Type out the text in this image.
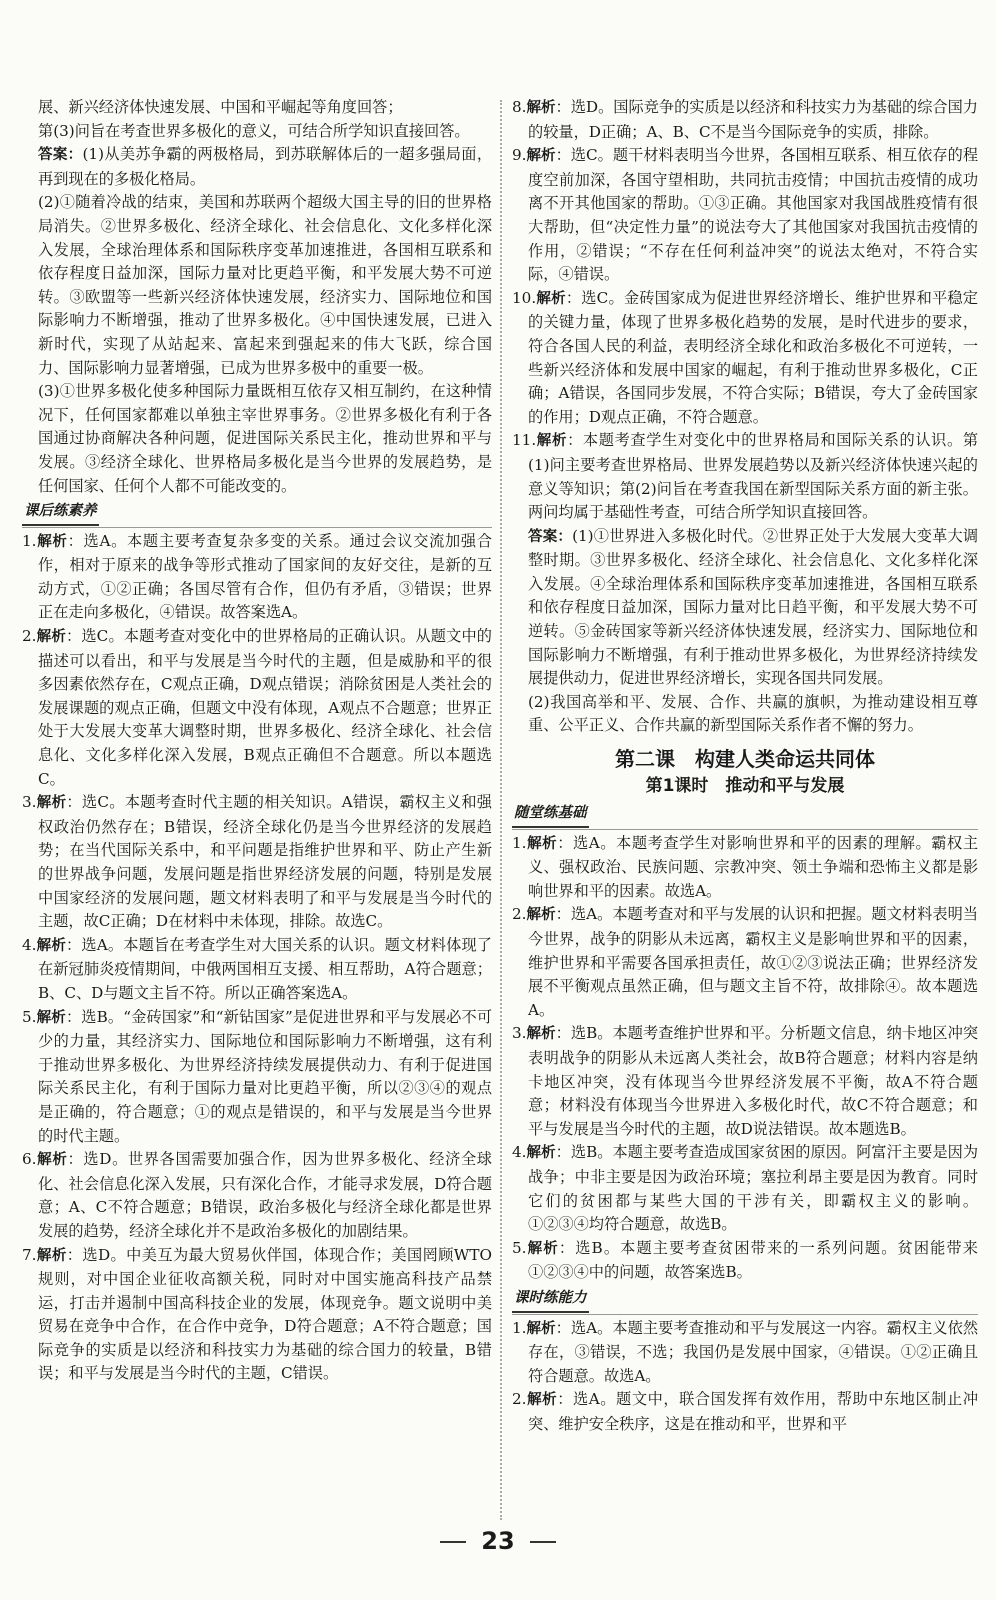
展、新兴经济体快速发展、中国和平崛起等角度回答；

第(3)问旨在考查世界多极化的意义，可结合所学知识直接回答。

答案：(1)从美苏争霸的两极格局，到苏联解体后的一超多强局面，再到现在的多极化格局。

(2)①随着冷战的结束，美国和苏联两个超级大国主导的旧的世界格局消失。②世界多极化、经济全球化、社会信息化、文化多样化深入发展，全球治理体系和国际秩序变革加速推进，各国相互联系和依存程度日益加深，国际力量对比更趋平衡，和平发展大势不可逆转。③欧盟等一些新兴经济体快速发展，经济实力、国际地位和国际影响力不断增强，推动了世界多极化。④中国快速发展，已进入新时代，实现了从站起来、富起来到强起来的伟大飞跃，综合国力、国际影响力显著增强，已成为世界多极中的重要一极。

(3)①世界多极化使多种国际力量既相互依存又相互制约，在这种情况下，任何国家都难以单独主宰世界事务。②世界多极化有利于各国通过协商解决各种问题，促进国际关系民主化，推动世界和平与发展。③经济全球化、世界格局多极化是当今世界的发展趋势，是任何国家、任何个人都不可能改变的。

课后练素养

1.解析：选A。本题主要考查复杂多变的关系。通过会议交流加强合作，相对于原来的战争等形式推动了国家间的友好交往，是新的互动方式，①②正确；各国尽管有合作，但仍有矛盾，③错误；世界正在走向多极化，④错误。故答案选A。

2.解析：选C。本题考查对变化中的世界格局的正确认识。从题文中的描述可以看出，和平与发展是当今时代的主题，但是威胁和平的很多因素依然存在，C观点正确，D观点错误；消除贫困是人类社会的发展课题的观点正确，但题文中没有体现，A观点不合题意；世界正处于大发展大变革大调整时期，世界多极化、经济全球化、社会信息化、文化多样化深入发展，B观点正确但不合题意。所以本题选C。

3.解析：选C。本题考查时代主题的相关知识。A错误，霸权主义和强权政治仍然存在；B错误，经济全球化仍是当今世界经济的发展趋势；在当代国际关系中，和平问题是指维护世界和平、防止产生新的世界战争问题，发展问题是指世界经济发展的问题，特别是发展中国家经济的发展问题，题文材料表明了和平与发展是当今时代的主题，故C正确；D在材料中未体现，排除。故选C。

4.解析：选A。本题旨在考查学生对大国关系的认识。题文材料体现了在新冠肺炎疫情期间，中俄两国相互支援、相互帮助，A符合题意；B、C、D与题文主旨不符。所以正确答案选A。

5.解析：选B。“金砖国家”和“新钻国家”是促进世界和平与发展必不可少的力量，其经济实力、国际地位和国际影响力不断增强，这有利于推动世界多极化、为世界经济持续发展提供动力、有利于促进国际关系民主化，有利于国际力量对比更趋平衡，所以②③④的观点是正确的，符合题意；①的观点是错误的，和平与发展是当今世界的时代主题。

6.解析：选D。世界各国需要加强合作，因为世界多极化、经济全球化、社会信息化深入发展，只有深化合作，才能寻求发展，D符合题意；A、C不符合题意；B错误，政治多极化与经济全球化都是世界发展的趋势，经济全球化并不是政治多极化的加剧结果。

7.解析：选D。中美互为最大贸易伙伴国，体现合作；美国罔顾WTO规则，对中国企业征收高额关税，同时对中国实施高科技产品禁运，打击并遏制中国高科技企业的发展，体现竞争。题文说明中美贸易在竞争中合作，在合作中竞争，D符合题意；A不符合题意；国际竞争的实质是以经济和科技实力为基础的综合国力的较量，B错误；和平与发展是当今时代的主题，C错误。

8.解析：选D。国际竞争的实质是以经济和科技实力为基础的综合国力的较量，D正确；A、B、C不是当今国际竞争的实质，排除。

9.解析：选C。题干材料表明当今世界，各国相互联系、相互依存的程度空前加深，各国守望相助，共同抗击疫情；中国抗击疫情的成功离不开其他国家的帮助。①③正确。其他国家对我国战胜疫情有很大帮助，但“决定性力量”的说法夸大了其他国家对我国抗击疫情的作用，②错误；“不存在任何利益冲突”的说法太绝对，不符合实际，④错误。

10.解析：选C。金砖国家成为促进世界经济增长、维护世界和平稳定的关键力量，体现了世界多极化趋势的发展，是时代进步的要求，符合各国人民的利益，表明经济全球化和政治多极化不可逆转，一些新兴经济体和发展中国家的崛起，有利于推动世界多极化，C正确；A错误，各国同步发展，不符合实际；B错误，夸大了金砖国家的作用；D观点正确，不符合题意。

11.解析：本题考查学生对变化中的世界格局和国际关系的认识。第(1)问主要考查世界格局、世界发展趋势以及新兴经济体快速兴起的意义等知识；第(2)问旨在考查我国在新型国际关系方面的新主张。两问均属于基础性考查，可结合所学知识直接回答。

答案：(1)①世界进入多极化时代。②世界正处于大发展大变革大调整时期。③世界多极化、经济全球化、社会信息化、文化多样化深入发展。④全球治理体系和国际秩序变革加速推进，各国相互联系和依存程度日益加深，国际力量对比日趋平衡，和平发展大势不可逆转。⑤金砖国家等新兴经济体快速发展，经济实力、国际地位和国际影响力不断增强，有利于推动世界多极化，为世界经济持续发展提供动力，促进世界经济增长，实现各国共同发展。

(2)我国高举和平、发展、合作、共赢的旗帜，为推动建设相互尊重、公平正义、合作共赢的新型国际关系作者不懈的努力。

第二课　构建人类命运共同体
第1课时　推动和平与发展
随堂练基础

1.解析：选A。本题考查学生对影响世界和平的因素的理解。霸权主义、强权政治、民族问题、宗教冲突、领土争端和恐怖主义都是影响世界和平的因素。故选A。

2.解析：选A。本题考查对和平与发展的认识和把握。题文材料表明当今世界，战争的阴影从未远离，霸权主义是影响世界和平的因素，维护世界和平需要各国承担责任，故①②③说法正确；世界经济发展不平衡观点虽然正确，但与题文主旨不符，故排除④。故本题选A。

3.解析：选B。本题考查维护世界和平。分析题文信息，纳卡地区冲突表明战争的阴影从未远离人类社会，故B符合题意；材料内容是纳卡地区冲突，没有体现当今世界经济发展不平衡，故A不符合题意；材料没有体现当今世界进入多极化时代，故C不符合题意；和平与发展是当今时代的主题，故D说法错误。故本题选B。

4.解析：选B。本题主要考查造成国家贫困的原因。阿富汗主要是因为战争；中非主要是因为政治环境；塞拉利昂主要是因为教育。同时它们的贫困都与某些大国的干涉有关，即霸权主义的影响。①②③④均符合题意，故选B。

5.解析：选B。本题主要考查贫困带来的一系列问题。贫困能带来①②③④中的问题，故答案选B。

课时练能力

1.解析：选A。本题主要考查推动和平与发展这一内容。霸权主义依然存在，③错误，不选；我国仍是发展中国家，④错误。①②正确且符合题意。故选A。

2.解析：选A。题文中，联合国发挥有效作用，帮助中东地区制止冲突、维护安全秩序，这是在推动和平，世界和平

23
